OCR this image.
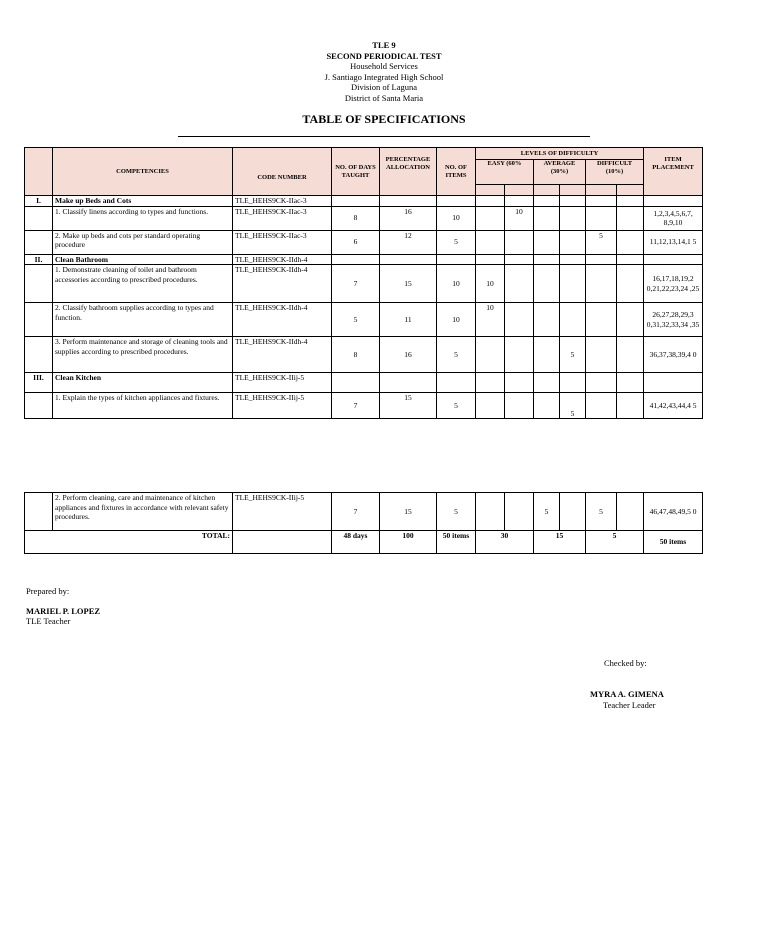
TLE 9
SECOND PERIODICAL TEST
Household Services
J. Santiago Integrated High School
Division of Laguna
District of Santa Maria
TABLE OF SPECIFICATIONS
	COMPETENCIES	CODE NUMBER	NO. OF DAYS TAUGHT	PERCENTAGE ALLOCATION	NO. OF ITEMS	LEVELS OF DIFFICULTY						ITEM PLACEMENT
						EASY (60%		AVERAGE (30%)		DIFFICULT (10%)		

I.	Make up Beds and Cots	TLE_HEHS9CK-IIac-3										
	1. Classify linens according to types and functions.	TLE_HEHS9CK-IIac-3	8	16	10		10					1,2,3,4,5,6,7, 8,9,10
	2. Make up beds and cots per standard operating procedure	TLE_HEHS9CK-IIac-3	6	12	5					5		11,12,13,14,1 5
II.	Clean Bathroom	TLE_HEHS9CK-IIdh-4										
	1. Demonstrate cleaning of toilet and bathroom accessories according to prescribed procedures.	TLE_HEHS9CK-IIdh-4	7	15	10	10						16,17,18,19,2 0,21,22,23,24 ,25
	2. Classify bathroom supplies according to types and function.	TLE_HEHS9CK-IIdh-4	5	11	10	10						26,27,28,29,3 0,31,32,33,34 ,35
	3. Perform maintenance and storage of cleaning tools and supplies according to prescribed procedures.	TLE_HEHS9CK-IIdh-4	8	16	5				5			36,37,38,39,4 0
III.	Clean Kitchen	TLE_HEHS9CK-IIij-5										
	1. Explain the types of kitchen appliances and fixtures.	TLE_HEHS9CK-IIij-5	7	15	5				5			41,42,43,44,4 5
	2. Perform cleaning, care and maintenance of kitchen appliances and fixtures in accordance with relevant safety procedures.	TLE_HEHS9CK-IIij-5	7	15	5			5		5		46,47,48,49,5 0
TOTAL:			48 days	100	50 items	30		15		5		50 items
Prepared by:
MARIEL P. LOPEZ
TLE Teacher
Checked by:
MYRA A. GIMENA
Teacher Leader
